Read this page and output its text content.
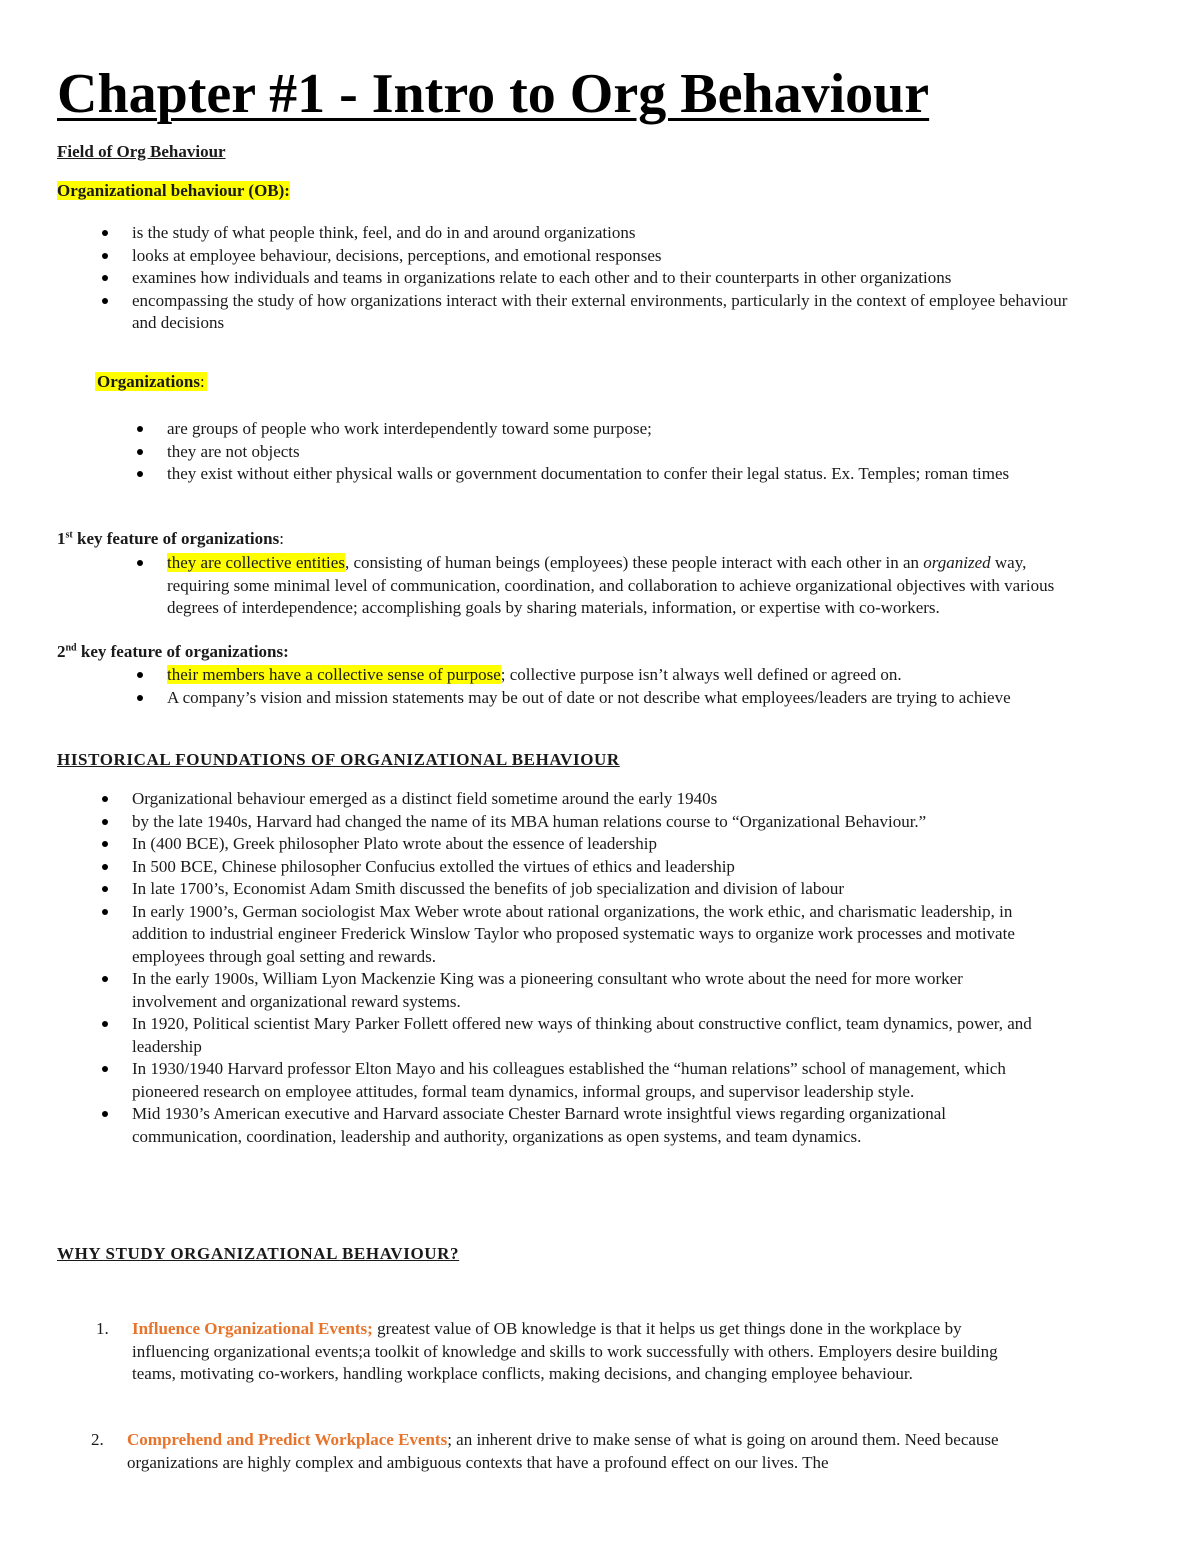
Chapter #1 - Intro to Org Behaviour
Field of Org Behaviour
Organizational behaviour (OB):
is the study of what people think, feel, and do in and around organizations
looks at employee behaviour, decisions, perceptions, and emotional responses
examines how individuals and teams in organizations relate to each other and to their counterparts in other organizations
encompassing the study of how organizations interact with their external environments, particularly in the context of employee behaviour and decisions
Organizations:
are groups of people who work interdependently toward some purpose;
they are not objects
they exist without either physical walls or government documentation to confer their legal status. Ex. Temples; roman times
1st key feature of organizations:
they are collective entities, consisting of human beings (employees) these people interact with each other in an organized way, requiring some minimal level of communication, coordination, and collaboration to achieve organizational objectives with various degrees of interdependence; accomplishing goals by sharing materials, information, or expertise with co-workers.
2nd key feature of organizations:
their members have a collective sense of purpose; collective purpose isn’t always well defined or agreed on.
A company’s vision and mission statements may be out of date or not describe what employees/leaders are trying to achieve
HISTORICAL FOUNDATIONS OF ORGANIZATIONAL BEHAVIOUR
Organizational behaviour emerged as a distinct field sometime around the early 1940s
by the late 1940s, Harvard had changed the name of its MBA human relations course to “Organizational Behaviour.”
In (400 BCE), Greek philosopher Plato wrote about the essence of leadership
In 500 BCE, Chinese philosopher Confucius extolled the virtues of ethics and leadership
In late 1700’s, Economist Adam Smith discussed the benefits of job specialization and division of labour
In early 1900’s, German sociologist Max Weber wrote about rational organizations, the work ethic, and charismatic leadership, in addition to industrial engineer Frederick Winslow Taylor who proposed systematic ways to organize work processes and motivate employees through goal setting and rewards.
In the early 1900s, William Lyon Mackenzie King was a pioneering consultant who wrote about the need for more worker involvement and organizational reward systems.
In 1920, Political scientist Mary Parker Follett offered new ways of thinking about constructive conflict, team dynamics, power, and leadership
In 1930/1940 Harvard professor Elton Mayo and his colleagues established the “human relations” school of management, which pioneered research on employee attitudes, formal team dynamics, informal groups, and supervisor leadership style.
Mid 1930’s American executive and Harvard associate Chester Barnard wrote insightful views regarding organizational communication, coordination, leadership and authority, organizations as open systems, and team dynamics.
WHY STUDY ORGANIZATIONAL BEHAVIOUR?
1. Influence Organizational Events; greatest value of OB knowledge is that it helps us get things done in the workplace by influencing organizational events;a toolkit of knowledge and skills to work successfully with others. Employers desire building teams, motivating co-workers, handling workplace conflicts, making decisions, and changing employee behaviour.
2. Comprehend and Predict Workplace Events; an inherent drive to make sense of what is going on around them. Need because organizations are highly complex and ambiguous contexts that have a profound effect on our lives. The
